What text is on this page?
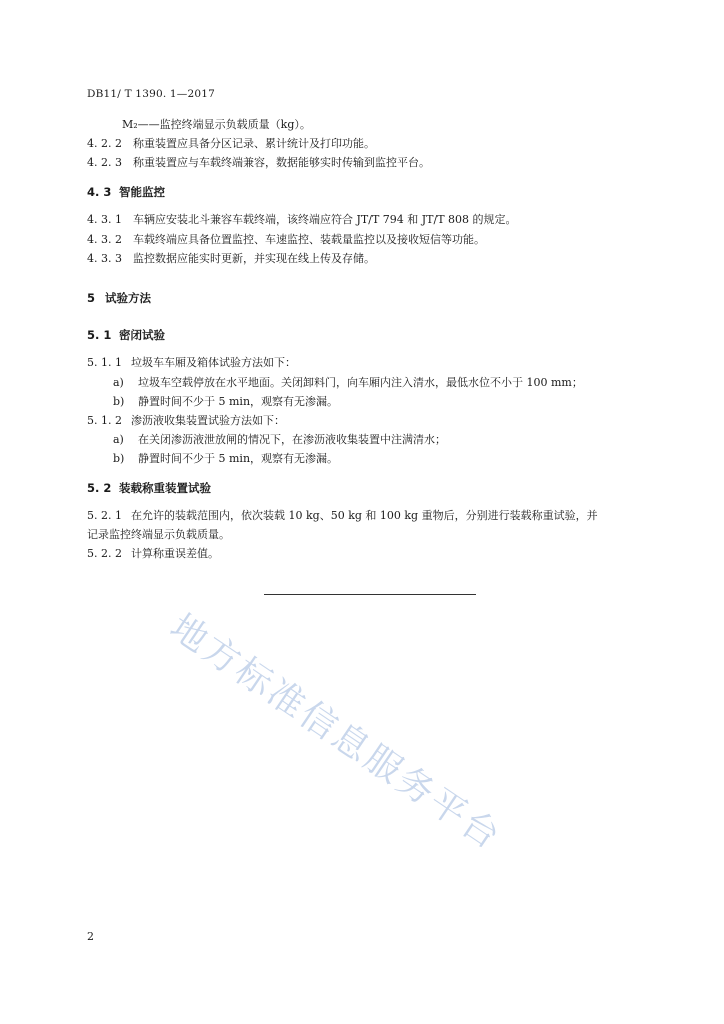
DB11/ T 1390. 1—2017
M₂——监控终端显示负载质量（kg）。
4. 2. 2 称重装置应具备分区记录、累计统计及打印功能。
4. 2. 3 称重装置应与车载终端兼容，数据能够实时传输到监控平台。
4. 3 智能监控
4. 3. 1 车辆应安装北斗兼容车载终端，该终端应符合 JT/T 794 和 JT/T 808 的规定。
4. 3. 2 车载终端应具备位置监控、车速监控、装载量监控以及接收短信等功能。
4. 3. 3 监控数据应能实时更新，并实现在线上传及存储。
5 试验方法
5. 1 密闭试验
5. 1. 1 垃圾车车厢及箱体试验方法如下：
a) 垃圾车空载停放在水平地面。关闭卸料门，向车厢内注入清水，最低水位不小于 100 mm；
b) 静置时间不少于 5 min，观察有无渗漏。
5. 1. 2 渗沥液收集装置试验方法如下：
a) 在关闭渗沥液泄放闸的情况下，在渗沥液收集装置中注满清水；
b) 静置时间不少于 5 min，观察有无渗漏。
5. 2 装载称重装置试验
5. 2. 1 在允许的装载范围内，依次装载 10 kg、50 kg 和 100 kg 重物后，分别进行装载称重试验，并
记录监控终端显示负载质量。
5. 2. 2 计算称重误差值。
地方标准信息服务平台
2
